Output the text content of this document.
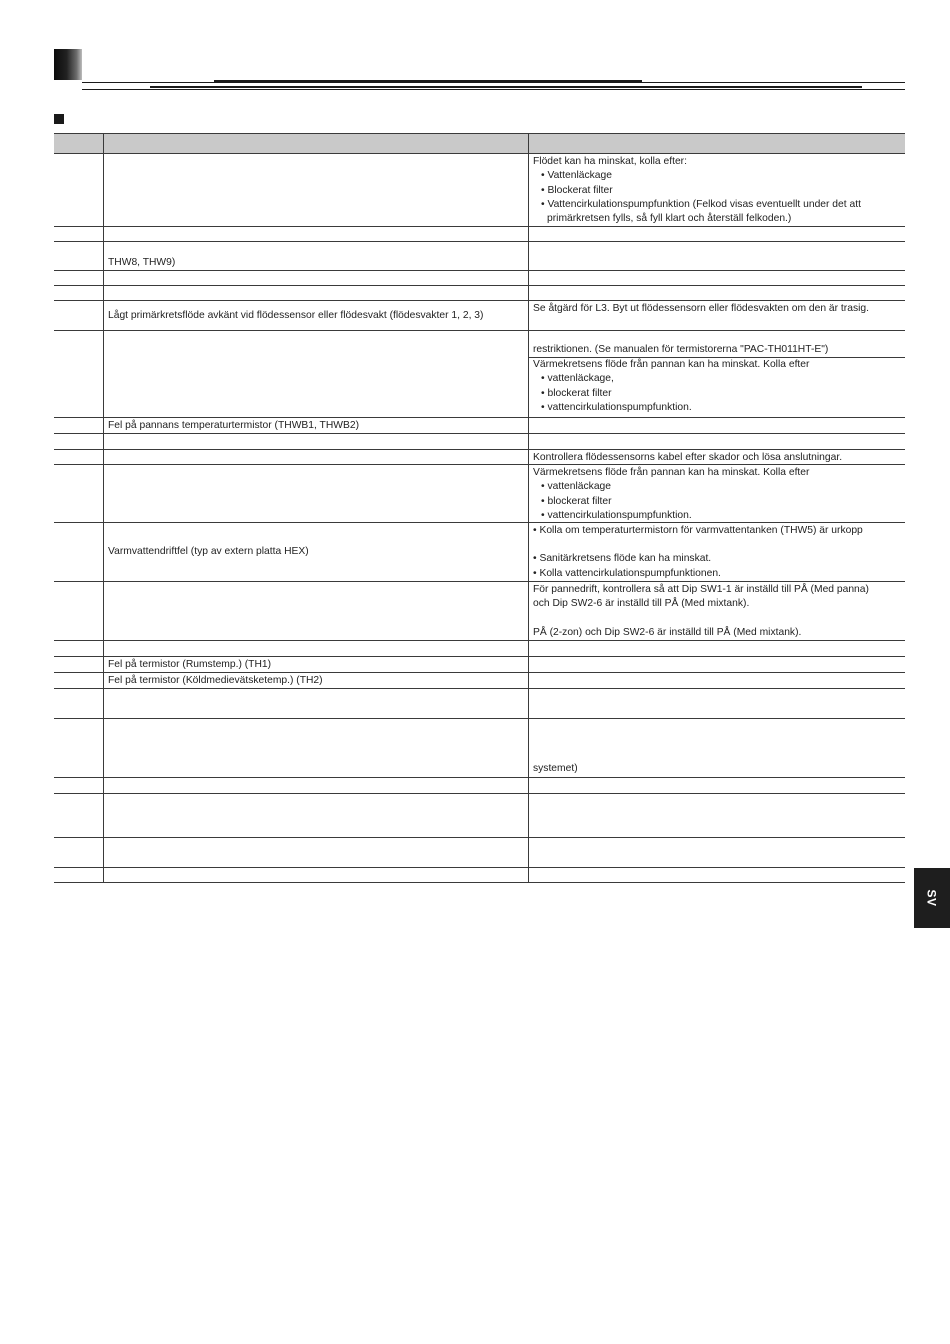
SV
Flödet kan ha minskat, kolla efter:
• Vattenläckage
• Blockerat filter
• Vattencirkulationspumpfunktion (Felkod visas eventuellt under det att
primärkretsen fylls, så fyll klart och återställ felkoden.)
THW8, THW9)
Lågt primärkretsflöde avkänt vid flödessensor eller flödesvakt (flödesvakter 1, 2, 3)
Se åtgärd för L3. Byt ut flödessensorn eller flödesvakten om den är trasig.
restriktionen. (Se manualen för termistorerna "PAC-TH011HT-E")
Värmekretsens flöde från pannan kan ha minskat. Kolla efter
• vattenläckage,
• blockerat filter
• vattencirkulationspumpfunktion.
Fel på pannans temperaturtermistor (THWB1, THWB2)
Kontrollera flödessensorns kabel efter skador och lösa anslutningar.
Värmekretsens flöde från pannan kan ha minskat. Kolla efter
• vattenläckage
• blockerat filter
• vattencirkulationspumpfunktion.
Varmvattendriftfel (typ av extern platta HEX)
• Kolla om temperaturtermistorn för varmvattentanken (THW5) är urkopp
• Sanitärkretsens flöde kan ha minskat.
• Kolla vattencirkulationspumpfunktionen.
För pannedrift, kontrollera så att Dip SW1-1 är inställd till PÅ (Med panna)
och Dip SW2-6 är inställd till PÅ (Med mixtank).
PÅ (2-zon) och Dip SW2-6 är inställd till PÅ (Med mixtank).
Fel på termistor (Rumstemp.) (TH1)
Fel på termistor (Köldmedievätsketemp.) (TH2)
systemet)
